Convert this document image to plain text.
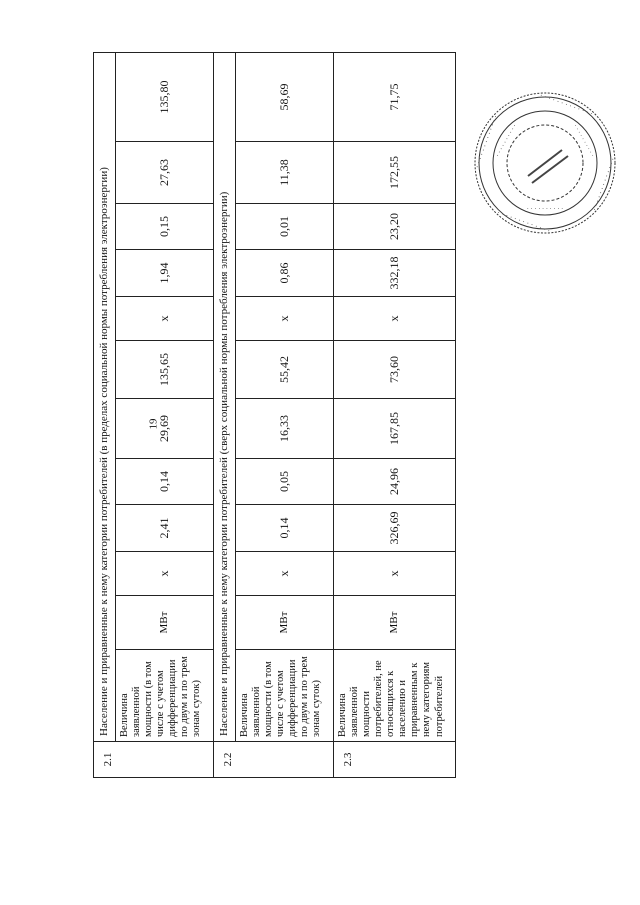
19
2.1	Население и приравненные к нему категории потребителей (в пределах социальной нормы потребления электроэнергии)											
	Величина заявленной мощности (в том числе с учетом дифференциации по двум и по трем зонам суток)	МВт	x	2,41	0,14	29,69	135,65	x	1,94	0,15	27,63	135,80
2.2	Население и приравненные к нему категории потребителей (сверх социальной нормы потребления электроэнергии)											
	Величина заявленной мощности (в том числе с учетом дифференциации по двум и по трем зонам суток)	МВт	x	0,14	0,05	16,33	55,42	x	0,86	0,01	11,38	58,69
2.3	Величина заявленной мощности потребителей, не относящихся к населению и приравненным к нему категориям потребителей	МВт	x	326,69	24,96	167,85	73,60	x	332,18	23,20	172,55	71,75
· · · · · · · · · · · · ·
· · · · · · · · · · · · ·
· · · · · · · · · · · · ·
· · · · · · · · · · · · ·
· · · · · · · · · ·	· · · · · · · · · ·
· · · · · · · · · ·
